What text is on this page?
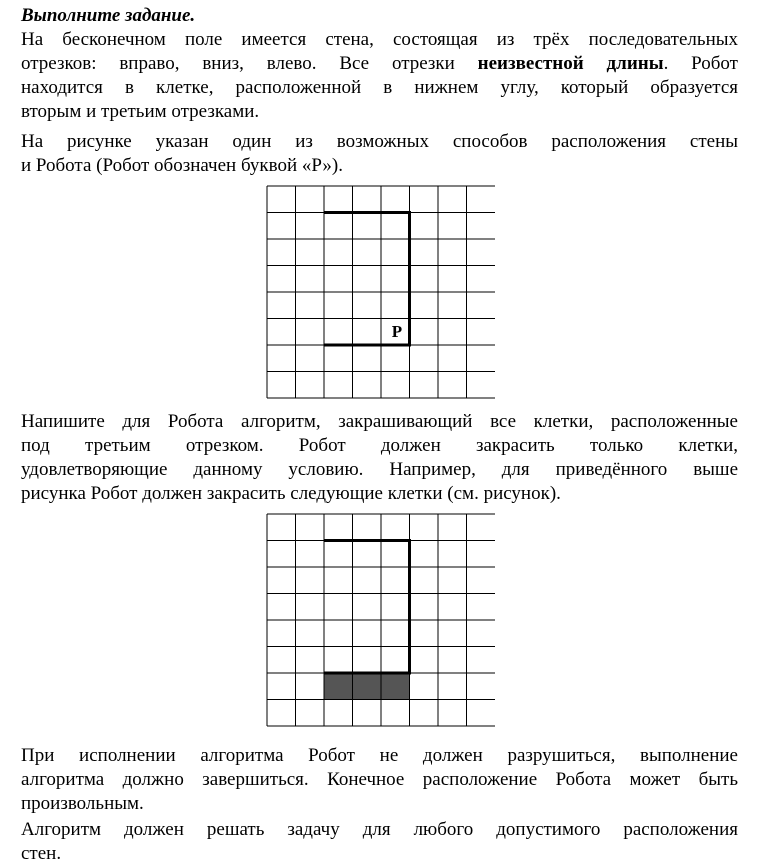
Выполните задание.

На бесконечном поле имеется стена, состоящая из трёх последовательных
отрезков: вправо, вниз, влево. Все отрезки неизвестной длины. Робот
находится в клетке, расположенной в нижнем углу, который образуется
вторым и третьим отрезками.
На рисунке указан один из возможных способов расположения стены
и Робота (Робот обозначен буквой «Р»).
Напишите для Робота алгоритм, закрашивающий все клетки, расположенные
под третьим отрезком. Робот должен закрасить только клетки,
удовлетворяющие данному условию. Например, для приведённого выше
рисунка Робот должен закрасить следующие клетки (см. рисунок).
При исполнении алгоритма Робот не должен разрушиться, выполнение
алгоритма должно завершиться. Конечное расположение Робота может быть
произвольным.
Алгоритм должен решать задачу для любого допустимого расположения
стен.
Р
